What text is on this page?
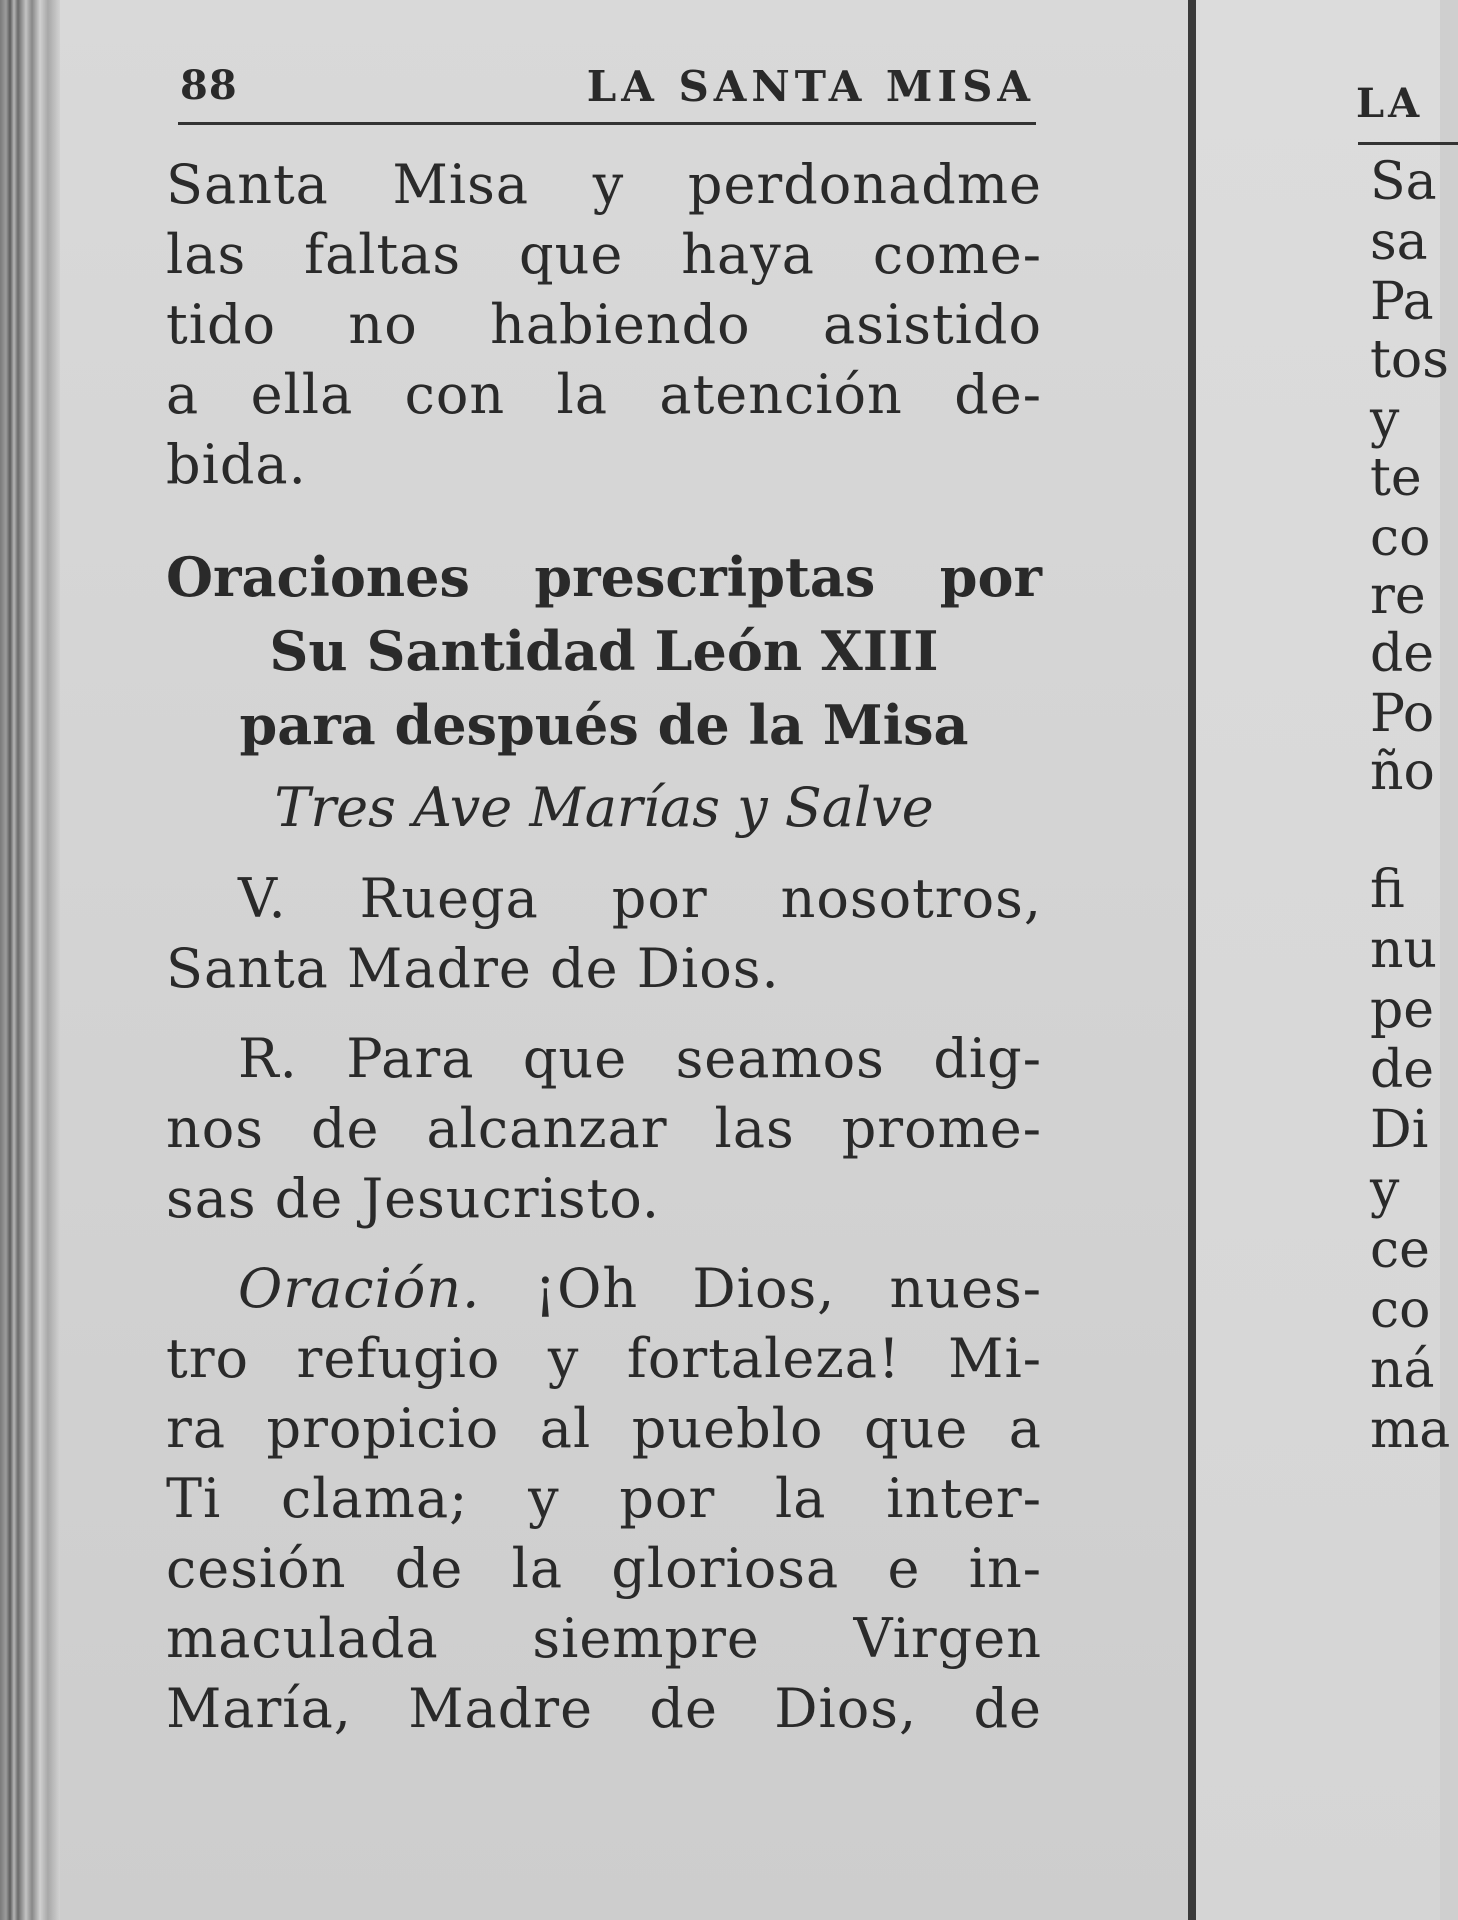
LA
88	LA SANTA MISA
Santa Misa y perdonadme
las faltas que haya come-
tido no habiendo asistido
a ella con la atención de-
bida.
Oraciones prescriptas por
Su Santidad León XIII
para después de la Misa
Tres Ave Marías y Salve
V. Ruega por nosotros,
Santa Madre de Dios.
R. Para que seamos dig-
nos de alcanzar las prome-
sas de Jesucristo.
Oración. ¡Oh Dios, nues-
tro refugio y fortaleza! Mi-
ra propicio al pueblo que a
Ti clama; y por la inter-
cesión de la gloriosa e in-
maculada siempre Virgen
María, Madre de Dios, de
Sa
sa
Pa
tos
y
te
co
re
de
Po
ño
fi
nu
pe
de
Di
y
ce
co
ná
ma
